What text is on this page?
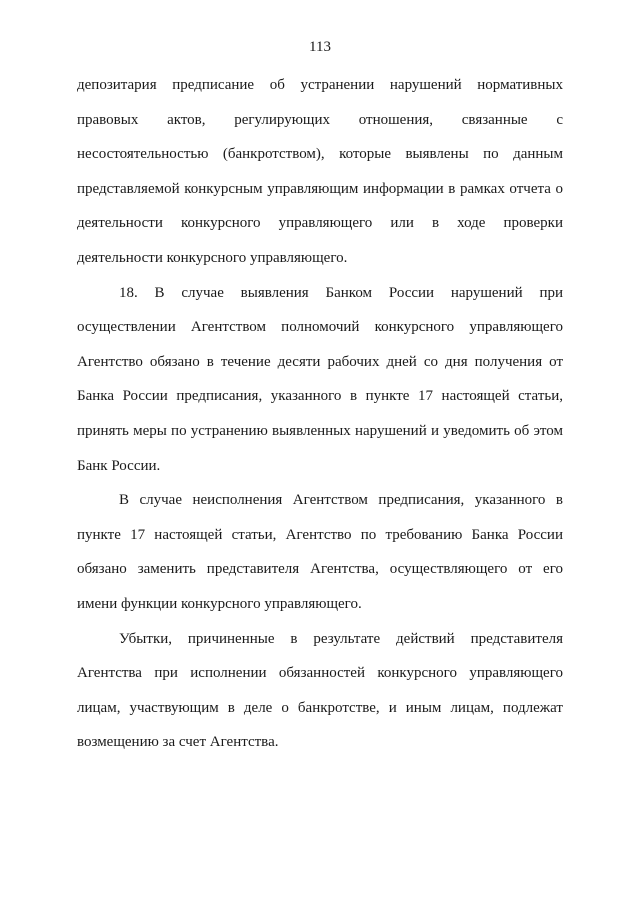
113

депозитария предписание об устранении нарушений нормативных
правовых актов, регулирующих отношения, связанные с
несостоятельностью (банкротством), которые выявлены по данным
представляемой конкурсным управляющим информации в рамках отчета о
деятельности конкурсного управляющего или в ходе проверки
деятельности конкурсного управляющего.

18. В случае выявления Банком России нарушений при
осуществлении Агентством полномочий конкурсного управляющего
Агентство обязано в течение десяти рабочих дней со дня получения от
Банка России предписания, указанного в пункте 17 настоящей статьи,
принять меры по устранению выявленных нарушений и уведомить об этом
Банк России.

В случае неисполнения Агентством предписания, указанного в
пункте 17 настоящей статьи, Агентство по требованию Банка России
обязано заменить представителя Агентства, осуществляющего от его
имени функции конкурсного управляющего.

Убытки, причиненные в результате действий представителя
Агентства при исполнении обязанностей конкурсного управляющего
лицам, участвующим в деле о банкротстве, и иным лицам, подлежат
возмещению за счет Агентства.
